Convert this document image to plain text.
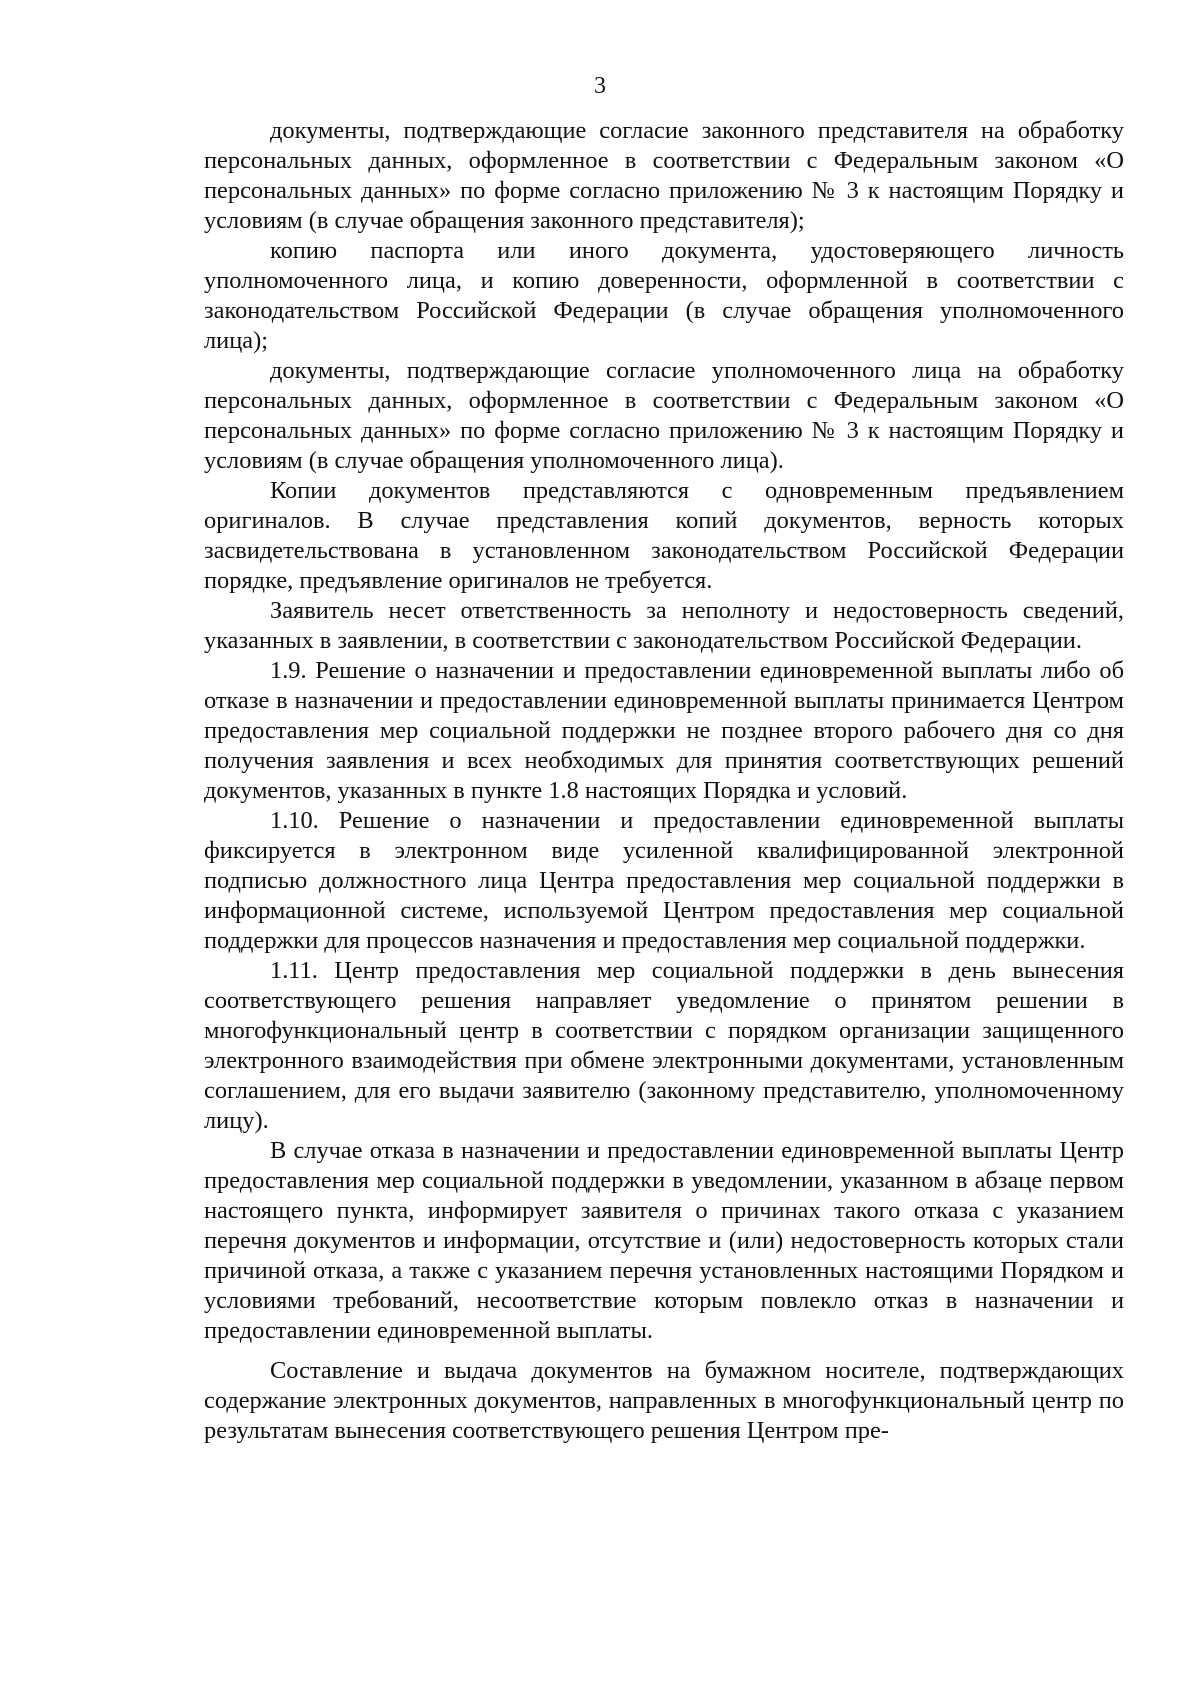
3

документы, подтверждающие согласие законного представителя на обработку персональных данных, оформленное в соответствии с Федеральным законом «О персональных данных» по форме согласно приложению № 3 к настоящим Порядку и условиям (в случае обращения законного представителя);

копию паспорта или иного документа, удостоверяющего личность уполномоченного лица, и копию доверенности, оформленной в соответствии с законодательством Российской Федерации (в случае обращения уполномоченного лица);

документы, подтверждающие согласие уполномоченного лица на обработку персональных данных, оформленное в соответствии с Федеральным законом «О персональных данных» по форме согласно приложению № 3 к настоящим Порядку и условиям (в случае обращения уполномоченного лица).

Копии документов представляются с одновременным предъявлением оригиналов. В случае представления копий документов, верность которых засвидетельствована в установленном законодательством Российской Федерации порядке, предъявление оригиналов не требуется.

Заявитель несет ответственность за неполноту и недостоверность сведений, указанных в заявлении, в соответствии с законодательством Российской Федерации.

1.9. Решение о назначении и предоставлении единовременной выплаты либо об отказе в назначении и предоставлении единовременной выплаты принимается Центром предоставления мер социальной поддержки не позднее второго рабочего дня со дня получения заявления и всех необходимых для принятия соответствующих решений документов, указанных в пункте 1.8 настоящих Порядка и условий.

1.10. Решение о назначении и предоставлении единовременной выплаты фиксируется в электронном виде усиленной квалифицированной электронной подписью должностного лица Центра предоставления мер социальной поддержки в информационной системе, используемой Центром предоставления мер социальной поддержки для процессов назначения и предоставления мер социальной поддержки.

1.11. Центр предоставления мер социальной поддержки в день вынесения соответствующего решения направляет уведомление о принятом решении в многофункциональный центр в соответствии с порядком организации защищенного электронного взаимодействия при обмене электронными документами, установленным соглашением, для его выдачи заявителю (законному представителю, уполномоченному лицу).

В случае отказа в назначении и предоставлении единовременной выплаты Центр предоставления мер социальной поддержки в уведомлении, указанном в абзаце первом настоящего пункта, информирует заявителя о причинах такого отказа с указанием перечня документов и информации, отсутствие и (или) недостоверность которых стали причиной отказа, а также с указанием перечня установленных настоящими Порядком и условиями требований, несоответствие которым повлекло отказ в назначении и предоставлении единовременной выплаты.

Составление и выдача документов на бумажном носителе, подтверждающих содержание электронных документов, направленных в многофункциональный центр по результатам вынесения соответствующего решения Центром пре-
